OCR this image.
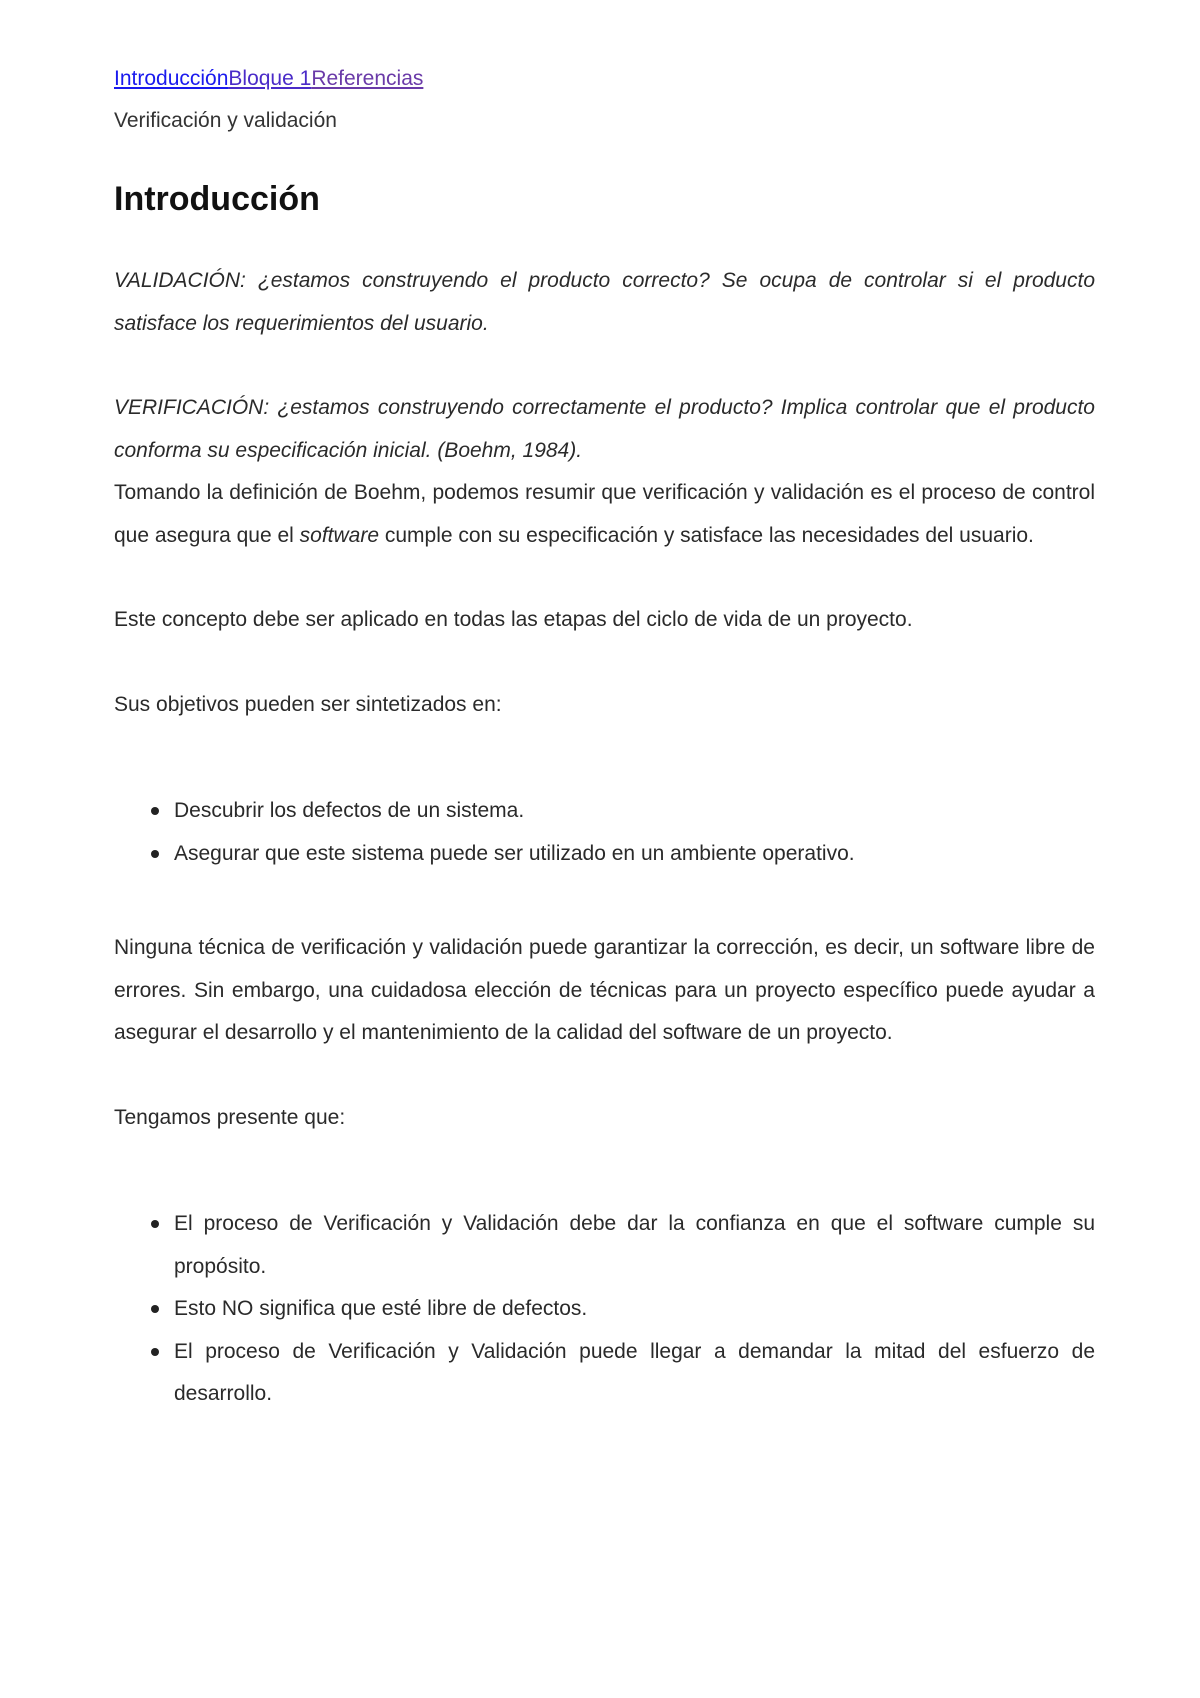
IntroducciónBloque 1Referencias
Verificación y validación
Introducción

VALIDACIÓN: ¿estamos construyendo el producto correcto? Se ocupa de controlar si el producto satisface los requerimientos del usuario.

VERIFICACIÓN: ¿estamos construyendo correctamente el producto? Implica controlar que el producto conforma su especificación inicial. (Boehm, 1984).

Tomando la definición de Boehm, podemos resumir que verificación y validación es el proceso de control que asegura que el software cumple con su especificación y satisface las necesidades del usuario.

Este concepto debe ser aplicado en todas las etapas del ciclo de vida de un proyecto.

Sus objetivos pueden ser sintetizados en:

Descubrir los defectos de un sistema.
Asegurar que este sistema puede ser utilizado en un ambiente operativo.

Ninguna técnica de verificación y validación puede garantizar la corrección, es decir, un software libre de errores. Sin embargo, una cuidadosa elección de técnicas para un proyecto específico puede ayudar a asegurar el desarrollo y el mantenimiento de la calidad del software de un proyecto.

Tengamos presente que:

El proceso de Verificación y Validación debe dar la confianza en que el software cumple su propósito.
Esto NO significa que esté libre de defectos.
El proceso de Verificación y Validación puede llegar a demandar la mitad del esfuerzo de desarrollo.
